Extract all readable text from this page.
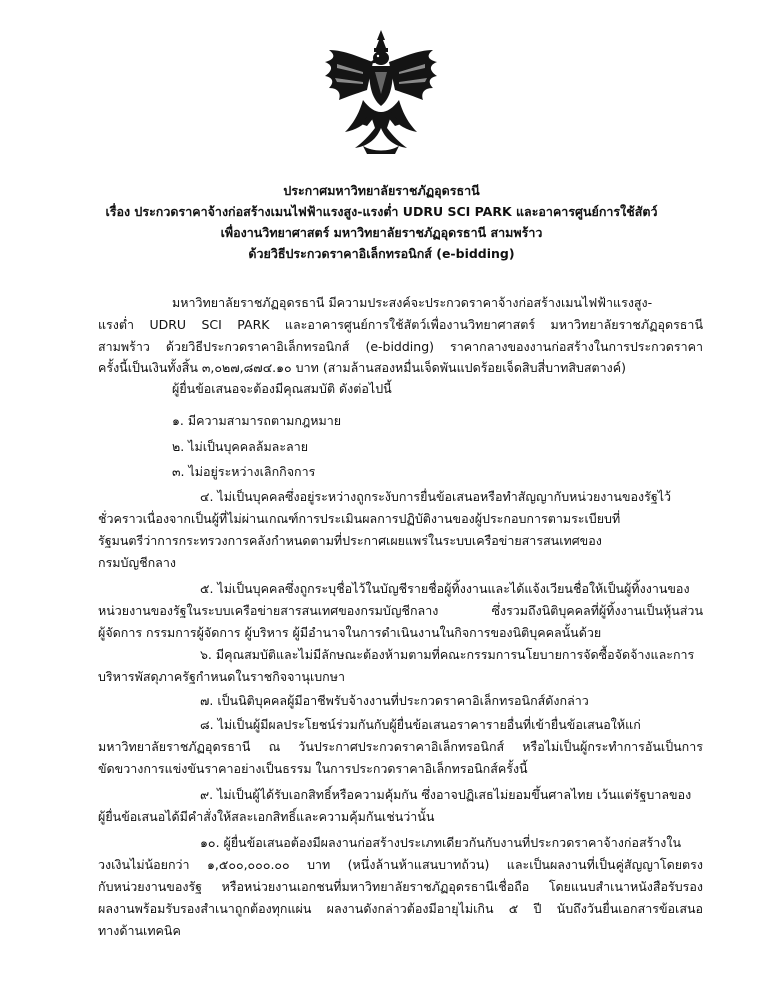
ประกาศมหาวิทยาลัยราชภัฏอุดรธานี
เรื่อง ประกวดราคาจ้างก่อสร้างเมนไฟฟ้าแรงสูง-แรงต่ำ UDRU SCI PARK และอาคารศูนย์การใช้สัตว์
เพื่องานวิทยาศาสตร์ มหาวิทยาลัยราชภัฏอุดรธานี สามพร้าว
ด้วยวิธีประกวดราคาอิเล็กทรอนิกส์ (e-bidding)
มหาวิทยาลัยราชภัฏอุดรธานี มีความประสงค์จะประกวดราคาจ้างก่อสร้างเมนไฟฟ้าแรงสูง-
แรงต่ำ UDRU SCI PARK และอาคารศูนย์การใช้สัตว์เพื่องานวิทยาศาสตร์ มหาวิทยาลัยราชภัฏอุดรธานี
สามพร้าว ด้วยวิธีประกวดราคาอิเล็กทรอนิกส์ (e-bidding) ราคากลางของงานก่อสร้างในการประกวดราคา
ครั้งนี้เป็นเงินทั้งสิ้น ๓,๐๒๗,๘๗๔.๑๐ บาท (สามล้านสองหมื่นเจ็ดพันแปดร้อยเจ็ดสิบสี่บาทสิบสตางค์)
ผู้ยื่นข้อเสนอจะต้องมีคุณสมบัติ ดังต่อไปนี้
๑. มีความสามารถตามกฎหมาย
๒. ไม่เป็นบุคคลล้มละลาย
๓. ไม่อยู่ระหว่างเลิกกิจการ
๔. ไม่เป็นบุคคลซึ่งอยู่ระหว่างถูกระงับการยื่นข้อเสนอหรือทำสัญญากับหน่วยงานของรัฐไว้
ชั่วคราวเนื่องจากเป็นผู้ที่ไม่ผ่านเกณฑ์การประเมินผลการปฏิบัติงานของผู้ประกอบการตามระเบียบที่
รัฐมนตรีว่าการกระทรวงการคลังกำหนดตามที่ประกาศเผยแพร่ในระบบเครือข่ายสารสนเทศของ
กรมบัญชีกลาง
๕. ไม่เป็นบุคคลซึ่งถูกระบุชื่อไว้ในบัญชีรายชื่อผู้ทิ้งงานและได้แจ้งเวียนชื่อให้เป็นผู้ทิ้งงานของ
หน่วยงานของรัฐในระบบเครือข่ายสารสนเทศของกรมบัญชีกลาง ซึ่งรวมถึงนิติบุคคลที่ผู้ทิ้งงานเป็นหุ้นส่วน
ผู้จัดการ กรรมการผู้จัดการ ผู้บริหาร ผู้มีอำนาจในการดำเนินงานในกิจการของนิติบุคคลนั้นด้วย
๖. มีคุณสมบัติและไม่มีลักษณะต้องห้ามตามที่คณะกรรมการนโยบายการจัดซื้อจัดจ้างและการ
บริหารพัสดุภาครัฐกำหนดในราชกิจจานุเบกษา
๗. เป็นนิติบุคคลผู้มีอาชีพรับจ้างงานที่ประกวดราคาอิเล็กทรอนิกส์ดังกล่าว
๘. ไม่เป็นผู้มีผลประโยชน์ร่วมกันกับผู้ยื่นข้อเสนอราคารายอื่นที่เข้ายื่นข้อเสนอให้แก่
มหาวิทยาลัยราชภัฏอุดรธานี ณ วันประกาศประกวดราคาอิเล็กทรอนิกส์ หรือไม่เป็นผู้กระทำการอันเป็นการ
ขัดขวางการแข่งขันราคาอย่างเป็นธรรม ในการประกวดราคาอิเล็กทรอนิกส์ครั้งนี้
๙. ไม่เป็นผู้ได้รับเอกสิทธิ์หรือความคุ้มกัน ซึ่งอาจปฏิเสธไม่ยอมขึ้นศาลไทย เว้นแต่รัฐบาลของ
ผู้ยื่นข้อเสนอได้มีคำสั่งให้สละเอกสิทธิ์และความคุ้มกันเช่นว่านั้น
๑๐. ผู้ยื่นข้อเสนอต้องมีผลงานก่อสร้างประเภทเดียวกันกับงานที่ประกวดราคาจ้างก่อสร้างใน
วงเงินไม่น้อยกว่า ๑,๕๐๐,๐๐๐.๐๐ บาท (หนึ่งล้านห้าแสนบาทถ้วน) และเป็นผลงานที่เป็นคู่สัญญาโดยตรง
กับหน่วยงานของรัฐ หรือหน่วยงานเอกชนที่มหาวิทยาลัยราชภัฏอุดรธานีเชื่อถือ โดยแนบสำเนาหนังสือรับรอง
ผลงานพร้อมรับรองสำเนาถูกต้องทุกแผ่น ผลงานดังกล่าวต้องมีอายุไม่เกิน ๕ ปี นับถึงวันยื่นเอกสารข้อเสนอ
ทางด้านเทคนิค
